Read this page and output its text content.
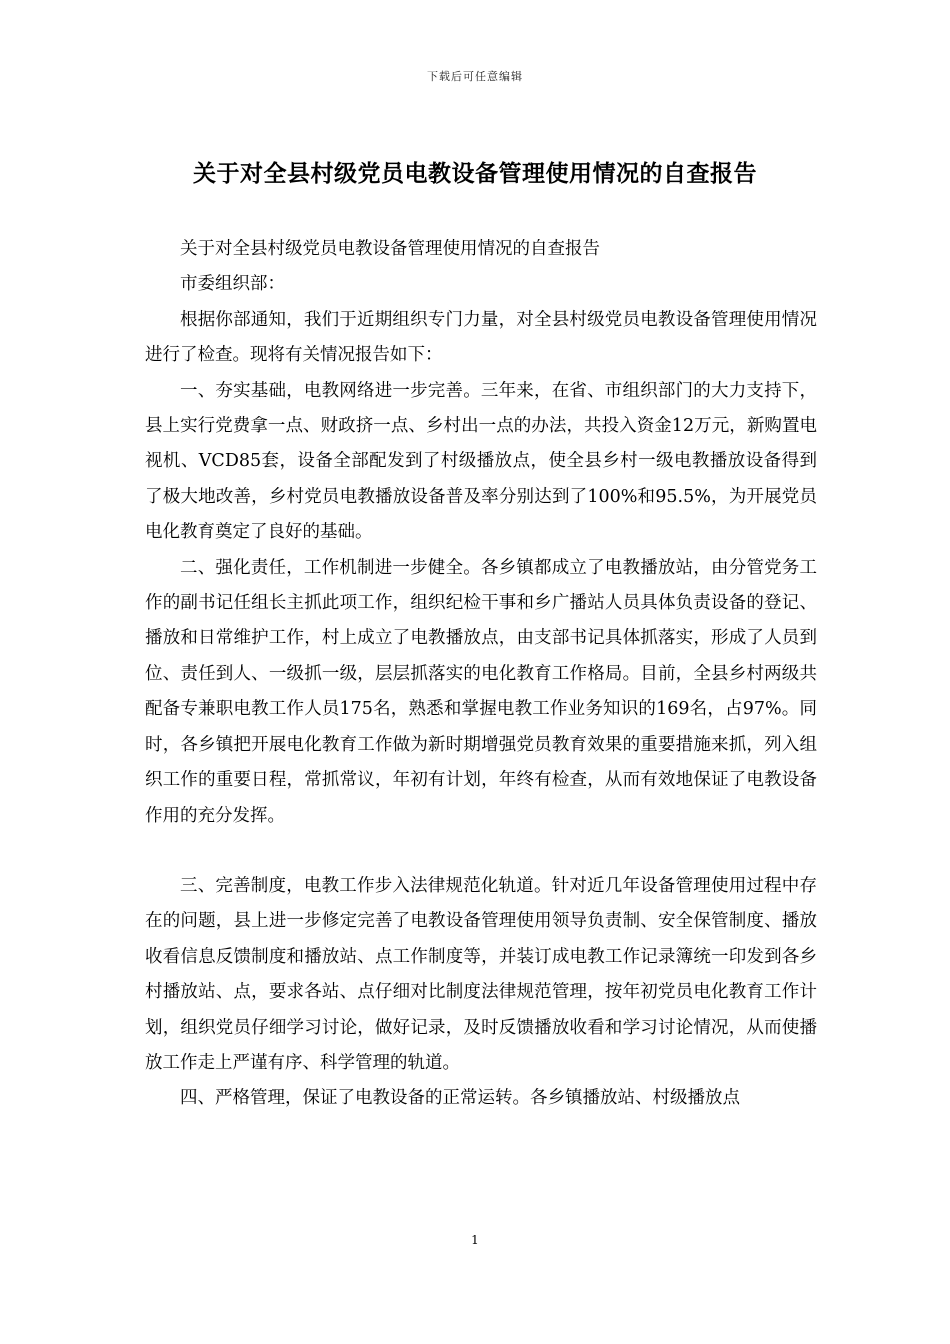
下载后可任意编辑
关于对全县村级党员电教设备管理使用情况的自查报告

关于对全县村级党员电教设备管理使用情况的自查报告

市委组织部：

根据你部通知，我们于近期组织专门力量，对全县村级党员电教设备管理使用情况进行了检查。现将有关情况报告如下：

一、夯实基础，电教网络进一步完善。三年来，在省、市组织部门的大力支持下，县上实行党费拿一点、财政挤一点、乡村出一点的办法，共投入资金12万元，新购置电视机、VCD85套，设备全部配发到了村级播放点，使全县乡村一级电教播放设备得到了极大地改善，乡村党员电教播放设备普及率分别达到了100%和95.5%，为开展党员电化教育奠定了良好的基础。

二、强化责任，工作机制进一步健全。各乡镇都成立了电教播放站，由分管党务工作的副书记任组长主抓此项工作，组织纪检干事和乡广播站人员具体负责设备的登记、播放和日常维护工作，村上成立了电教播放点，由支部书记具体抓落实，形成了人员到位、责任到人、一级抓一级，层层抓落实的电化教育工作格局。目前，全县乡村两级共配备专兼职电教工作人员175名，熟悉和掌握电教工作业务知识的169名，占97%。同时，各乡镇把开展电化教育工作做为新时期增强党员教育效果的重要措施来抓，列入组织工作的重要日程，常抓常议，年初有计划，年终有检查，从而有效地保证了电教设备作用的充分发挥。

三、完善制度，电教工作步入法律规范化轨道。针对近几年设备管理使用过程中存在的问题，县上进一步修定完善了电教设备管理使用领导负责制、安全保管制度、播放收看信息反馈制度和播放站、点工作制度等，并装订成电教工作记录簿统一印发到各乡村播放站、点，要求各站、点仔细对比制度法律规范管理，按年初党员电化教育工作计划，组织党员仔细学习讨论，做好记录，及时反馈播放收看和学习讨论情况，从而使播放工作走上严谨有序、科学管理的轨道。

四、严格管理，保证了电教设备的正常运转。各乡镇播放站、村级播放点

1
